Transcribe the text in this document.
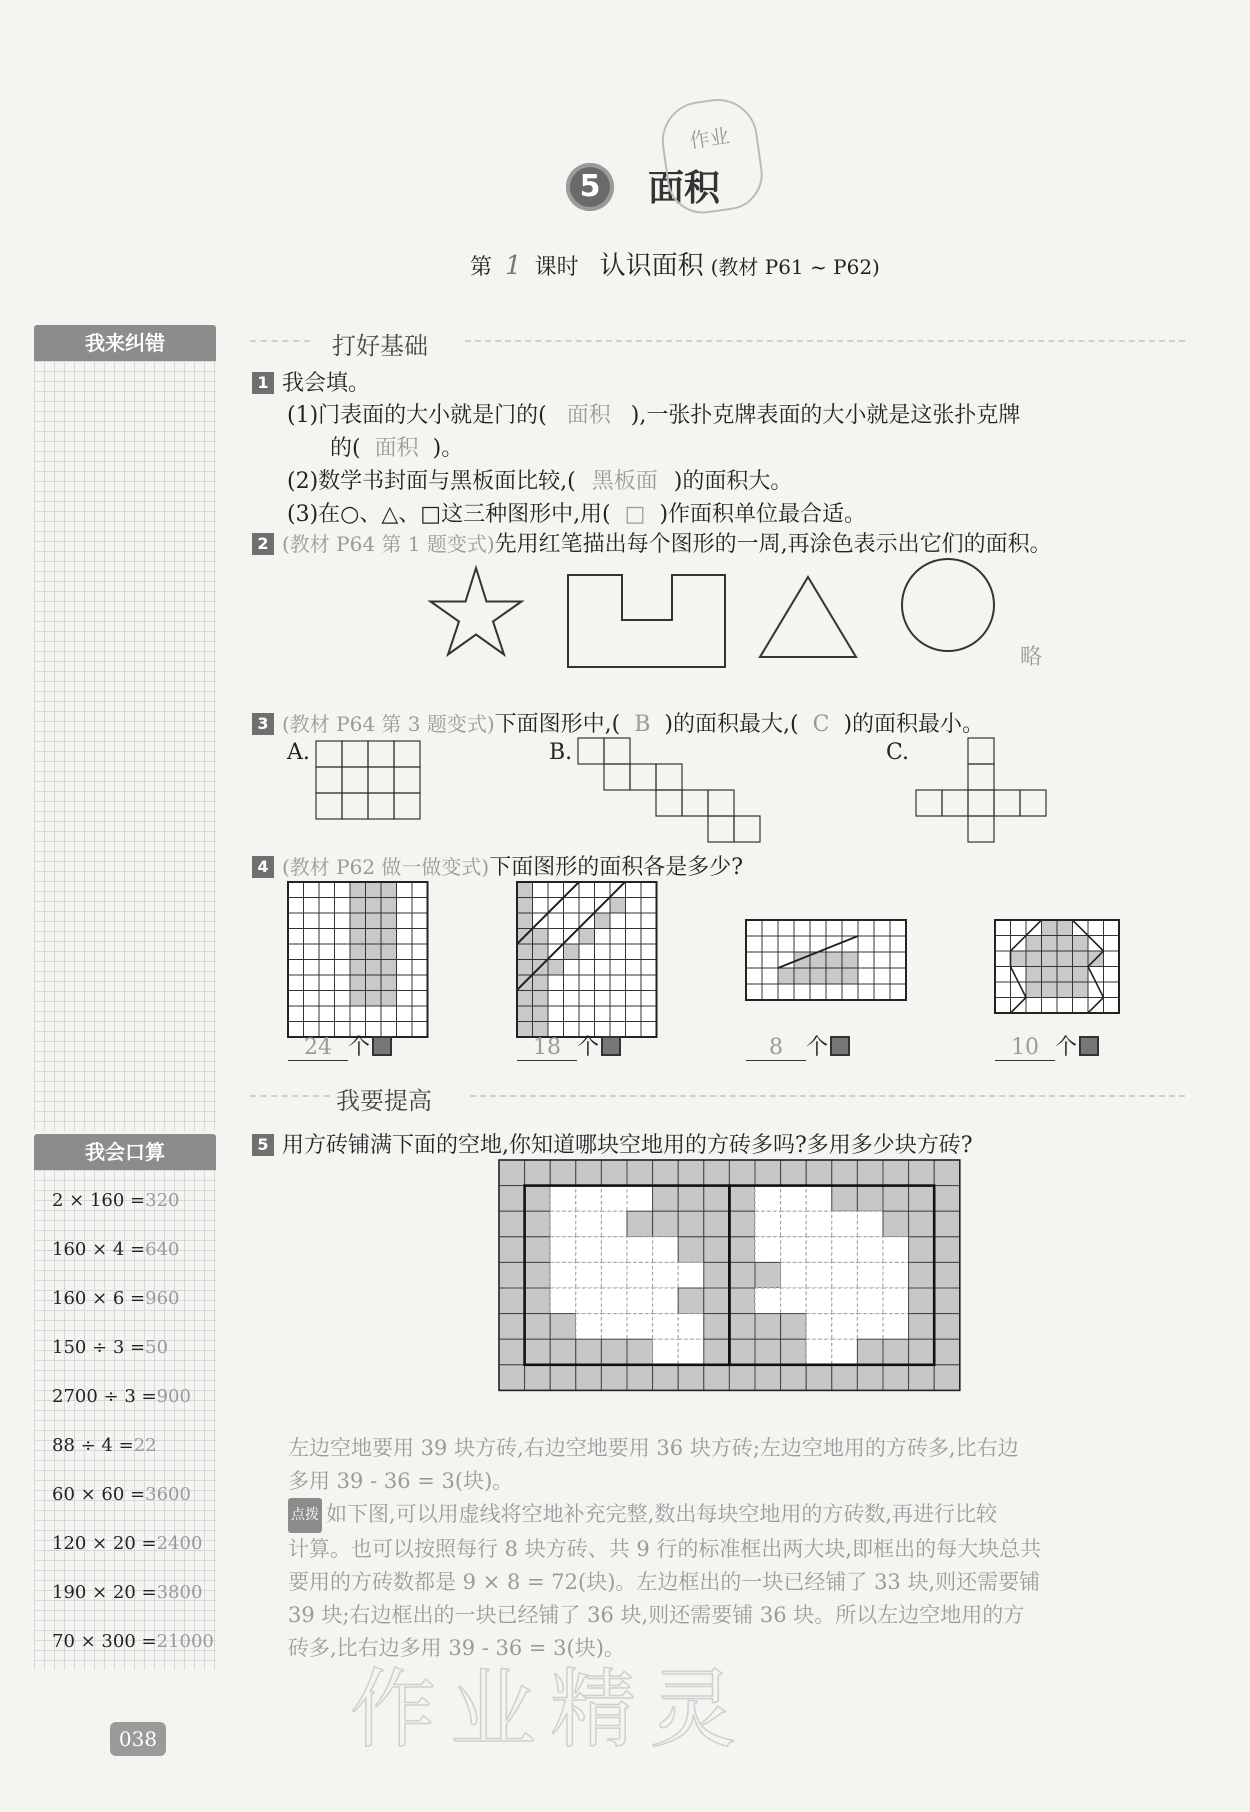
5	面积
作业
第 1 课时 认识面积 (教材 P61 ~ P62)
我来纠错
我会口算
2 × 160 =320
160 × 4 =640
160 × 6 =960
150 ÷ 3 =50
2700 ÷ 3 =900
88 ÷ 4 =22
60 × 60 =3600
120 × 20 =2400
190 × 20 =3800
70 × 300 =21000
打好基础
1 我会填。
(1)门表面的大小就是门的( 面积 ),一张扑克牌表面的大小就是这张扑克牌
的( 面积 )。
(2)数学书封面与黑板面比较,( 黑板面 )的面积大。
(3)在○、△、□这三种图形中,用( □ )作面积单位最合适。
2 (教材 P64 第 1 题变式)先用红笔描出每个图形的一周,再涂色表示出它们的面积。
略
3 (教材 P64 第 3 题变式)下面图形中,( B )的面积最大,( C )的面积最小。
A.	B.	C.
4 (教材 P62 做一做变式)下面图形的面积各是多少?
24 个	18 个	8 个	10 个
我要提高
5 用方砖铺满下面的空地,你知道哪块空地用的方砖多吗?多用多少块方砖?
左边空地要用 39 块方砖,右边空地要用 36 块方砖;左边空地用的方砖多,比右边
多用 39 - 36 = 3(块)。
点拨 如下图,可以用虚线将空地补充完整,数出每块空地用的方砖数,再进行比较
计算。也可以按照每行 8 块方砖、共 9 行的标准框出两大块,即框出的每大块总共
要用的方砖数都是 9 × 8 = 72(块)。左边框出的一块已经铺了 33 块,则还需要铺
39 块;右边框出的一块已经铺了 36 块,则还需要铺 36 块。所以左边空地用的方
砖多,比右边多用 39 - 36 = 3(块)。
038 作业精灵
